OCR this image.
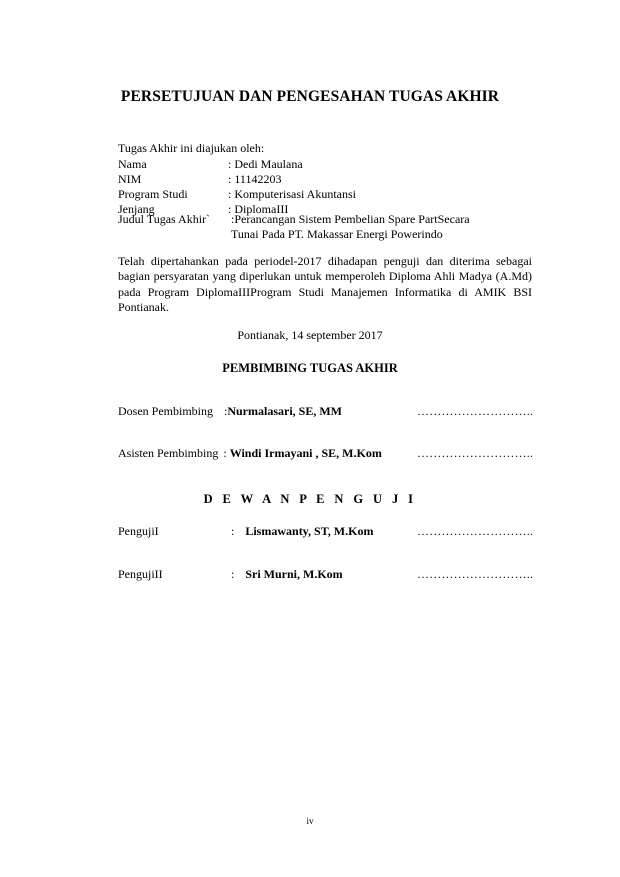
PERSETUJUAN DAN PENGESAHAN TUGAS AKHIR
Tugas Akhir ini diajukan oleh:
Nama	: Dedi Maulana
NIM	: 11142203
Program Studi	: Komputerisasi Akuntansi
Jenjang	: DiplomaIII
Judul Tugas Akhir` :Perancangan Sistem Pembelian Spare PartSecara
Tunai Pada PT. Makassar Energi Powerindo
Telah dipertahankan pada periodel-2017 dihadapan penguji dan diterima sebagai bagian persyaratan yang diperlukan untuk memperoleh Diploma Ahli Madya (A.Md) pada Program DiplomaIIIProgram Studi Manajemen Informatika di AMIK BSI Pontianak.
Pontianak, 14 september 2017
PEMBIMBING TUGAS AKHIR
Dosen Pembimbing :Nurmalasari, SE, MM	………………………..
Asisten Pembimbing : Windi Irmayani , SE, M.Kom	………………………..
D E W A N P E N G U J I
PengujiI	: Lismawanty, ST, M.Kom	………………………..
PengujiII	: Sri Murni, M.Kom	………………………..
iv
